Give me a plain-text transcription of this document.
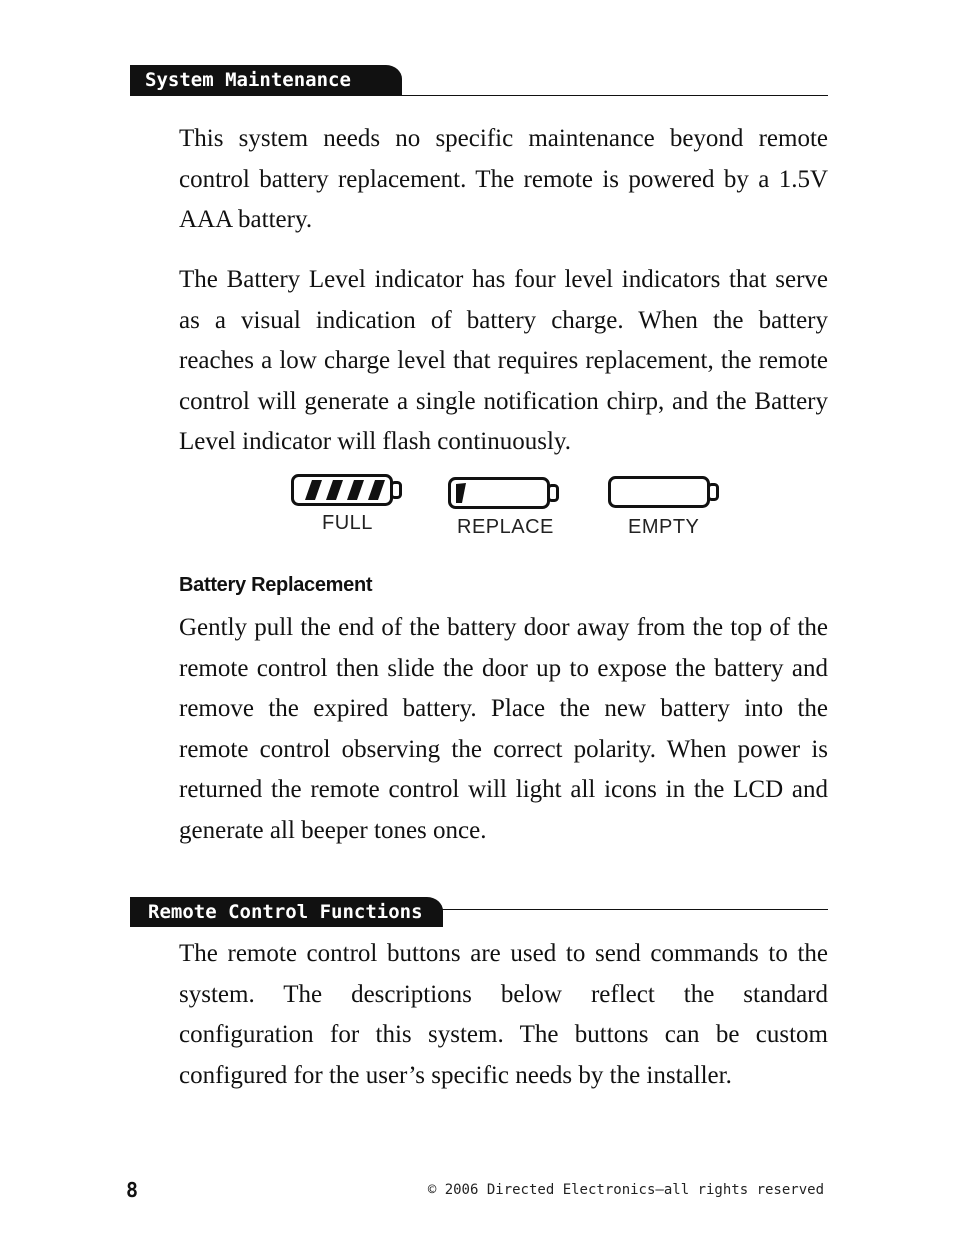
System Maintenance

This system needs no specific maintenance beyond remote control battery replacement. The remote is powered by a 1.5V AAA battery.

The Battery Level indicator has four level indicators that serve as a visual indication of battery charge. When the battery reaches a low charge level that requires replacement, the remote control will generate a single notification chirp, and the Battery Level indicator will flash continuously.

FULL	REPLACE	EMPTY
Battery Replacement

Gently pull the end of the battery door away from the top of the remote control then slide the door up to expose the battery and remove the expired battery. Place the new battery into the remote control observing the correct polarity. When power is returned the remote control will light all icons in the LCD and generate all beeper tones once.

Remote Control Functions

The remote control buttons are used to send commands to the system. The descriptions below reflect the standard configuration for this system. The buttons can be custom configured for the user’s specific needs by the installer.

8	© 2006 Directed Electronics—all rights reserved
